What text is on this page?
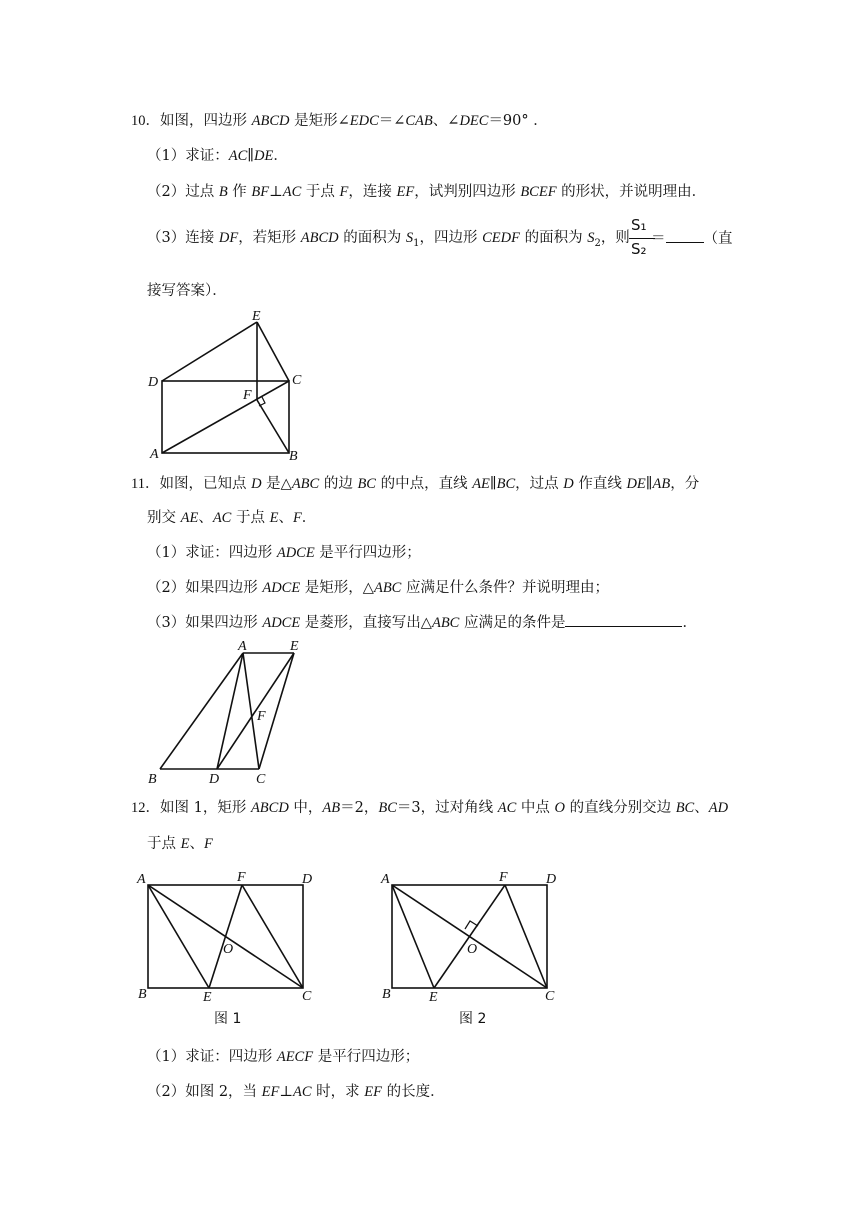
10．如图，四边形 ABCD 是矩形∠EDC＝∠CAB、∠DEC＝90° ．
（1）求证：AC∥DE．
（2）过点 B 作 BF⊥AC 于点 F，连接 EF，试判别四边形 BCEF 的形状，并说明理由．
（3）连接 DF，若矩形 ABCD 的面积为 $S_1$，四边形 CEDF 的面积为 $S_2$，则
S₁
S₂
＝	（直
接写答案）．
E
D	C
F
A	B
11．如图，已知点 D 是△ABC 的边 BC 的中点，直线 AE∥BC，过点 D 作直线 DE∥AB，分
别交 AE、AC 于点 E、F．
（1）求证：四边形 ADCE 是平行四边形；
（2）如果四边形 ADCE 是矩形，△ABC 应满足什么条件？并说明理由；
（3）如果四边形 ADCE 是菱形，直接写出△ABC 应满足的条件是	．
A	E
F
B	D	C
12．如图 1，矩形 ABCD 中，AB＝2，BC＝3，过对角线 AC 中点 O 的直线分别交边 BC、AD
于点 E、F
A	F	D
O
B	E	C
图 1
A	F	D
O
B	E	C
图 2
（1）求证：四边形 AECF 是平行四边形；
（2）如图 2，当 EF⊥AC 时，求 EF 的长度．
